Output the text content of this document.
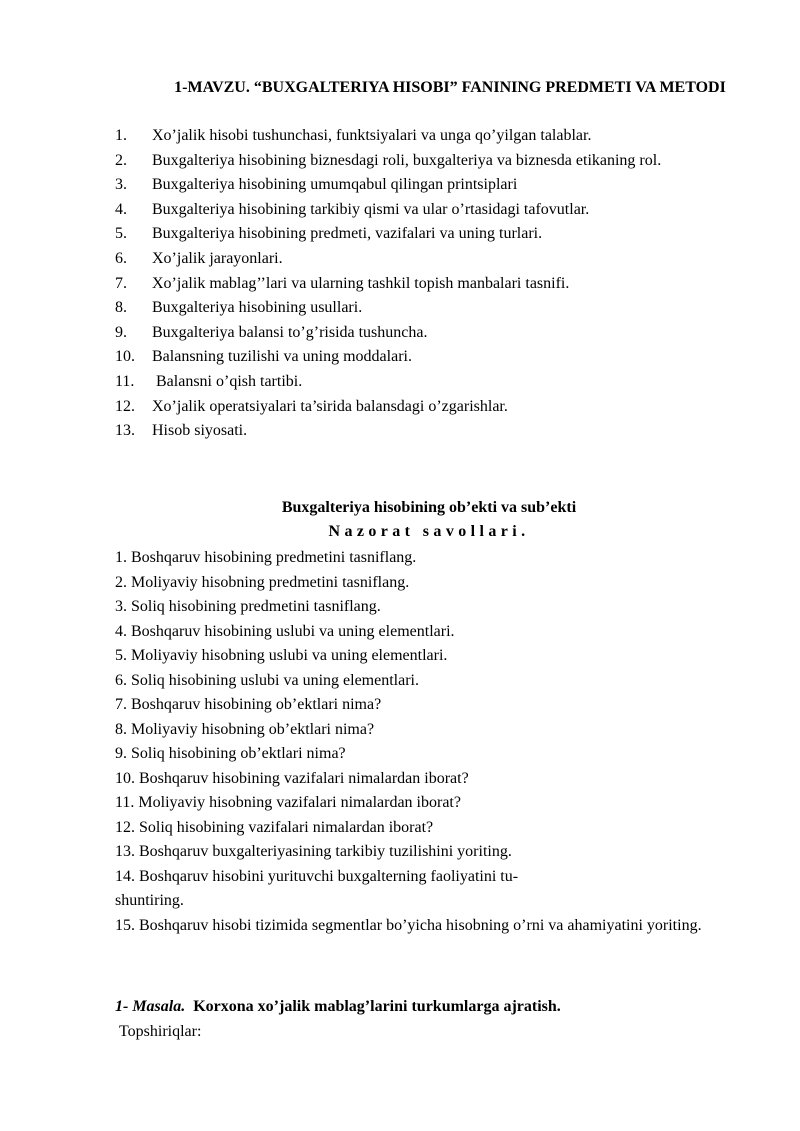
1-MAVZU. “BUXGALTERIYA HISOBI” FANINING PREDMETI VA METODI
1. Xo’jalik hisobi tushunchasi, funktsiyalari va unga qo’yilgan talablar.
2. Buxgalteriya hisobining biznesdagi roli, buxgalteriya va biznesda etikaning rol.
3. Buxgalteriya hisobining umumqabul qilingan printsiplari
4. Buxgalteriya hisobining tarkibiy qismi va ular o’rtasidagi tafovutlar.
5. Buxgalteriya hisobining predmeti, vazifalari va uning turlari.
6. Xo’jalik jarayonlari.
7. Xo’jalik mablag’’lari va ularning tashkil topish manbalari tasnifi.
8. Buxgalteriya hisobining usullari.
9. Buxgalteriya balansi to’g’risida tushuncha.
10. Balansning tuzilishi va uning moddalari.
11. Balansni o’qish tartibi.
12. Xo’jalik operatsiyalari ta’sirida balansdagi o’zgarishlar.
13. Hisob siyosati.
Buxgalteriya hisobining ob’ekti va sub’ekti
Nazorat savollari.
1. Boshqaruv hisobining predmetini tasniflang.
2. Moliyaviy hisobning predmetini tasniflang.
3. Soliq hisobining predmetini tasniflang.
4. Boshqaruv hisobining uslubi va uning elementlari.
5. Moliyaviy hisobning uslubi va uning elementlari.
6. Soliq hisobining uslubi va uning elementlari.
7. Boshqaruv hisobining ob’ektlari nima?
8. Moliyaviy hisobning ob’ektlari nima?
9. Soliq hisobining ob’ektlari nima?
10. Boshqaruv hisobining vazifalari nimalardan iborat?
11. Moliyaviy hisobning vazifalari nimalardan iborat?
12. Soliq hisobining vazifalari nimalardan iborat?
13. Boshqaruv buxgalteriyasining tarkibiy tuzilishini yoriting.
14. Boshqaruv hisobini yurituvchi buxgalterning faoliyatini tu-
shuntiring.
15. Boshqaruv hisobi tizimida segmentlar bo’yicha hisobning o’rni va ahamiyatini yoriting.
1- Masala. Korxona xo’jalik mablag’larini turkumlarga ajratish.
Topshiriqlar:
